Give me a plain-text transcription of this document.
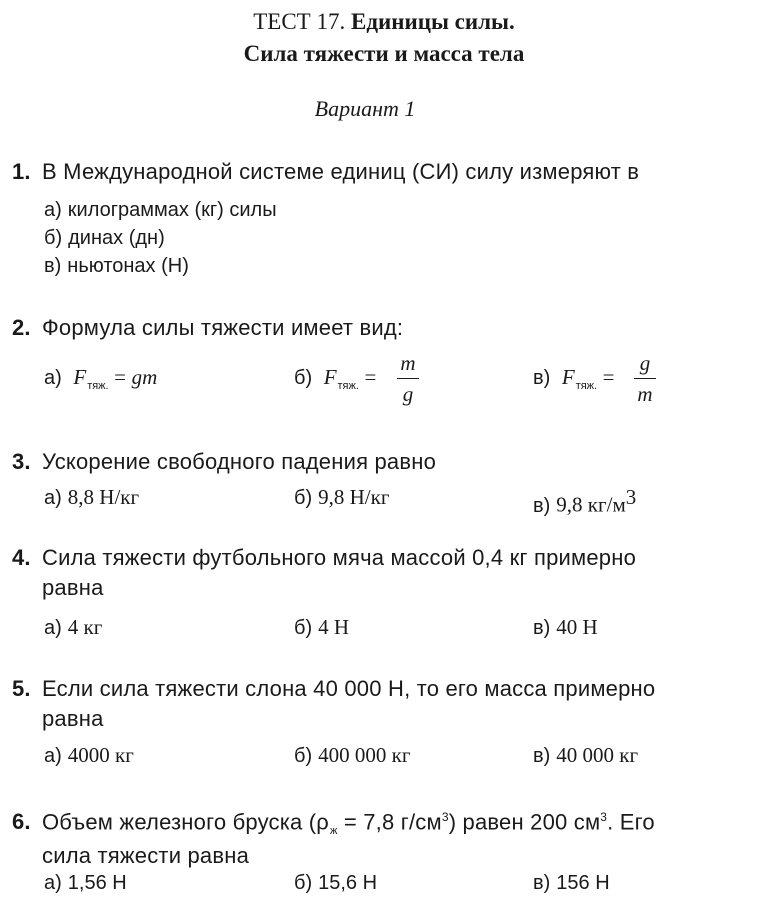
ТЕСТ 17. Единицы силы.
Сила тяжести и масса тела
Вариант 1
1. В Международной системе единиц (СИ) силу измеряют в
а) килограммах (кг) силы
б) динах (дн)
в) ньютонах (Н)
2. Формула силы тяжести имеет вид:
а) $F_{тяж.}$ = gm	б) $F_{тяж.}$ =
m
g
в) $F_{тяж.}$ =
g
m
3. Ускорение свободного падения равно
а) 8,8 Н/кг	б) 9,8 Н/кг	в) 9,8 $кг/м^3$
4. Сила тяжести футбольного мяча массой 0,4 кг примерно
равна
а) 4 кг	б) 4 Н	в) 40 Н
5. Если сила тяжести слона 40 000 Н, то его масса примерно
равна
а) 4000 кг	б) 400 000 кг	в) 40 000 кг
6. Объем железного бруска ($\rho_ж = 7,8$ $г/см^3$) равен 200 $см^3$. Его
сила тяжести равна
а) 1,56 Н	б) 15,6 Н	в) 156 Н
